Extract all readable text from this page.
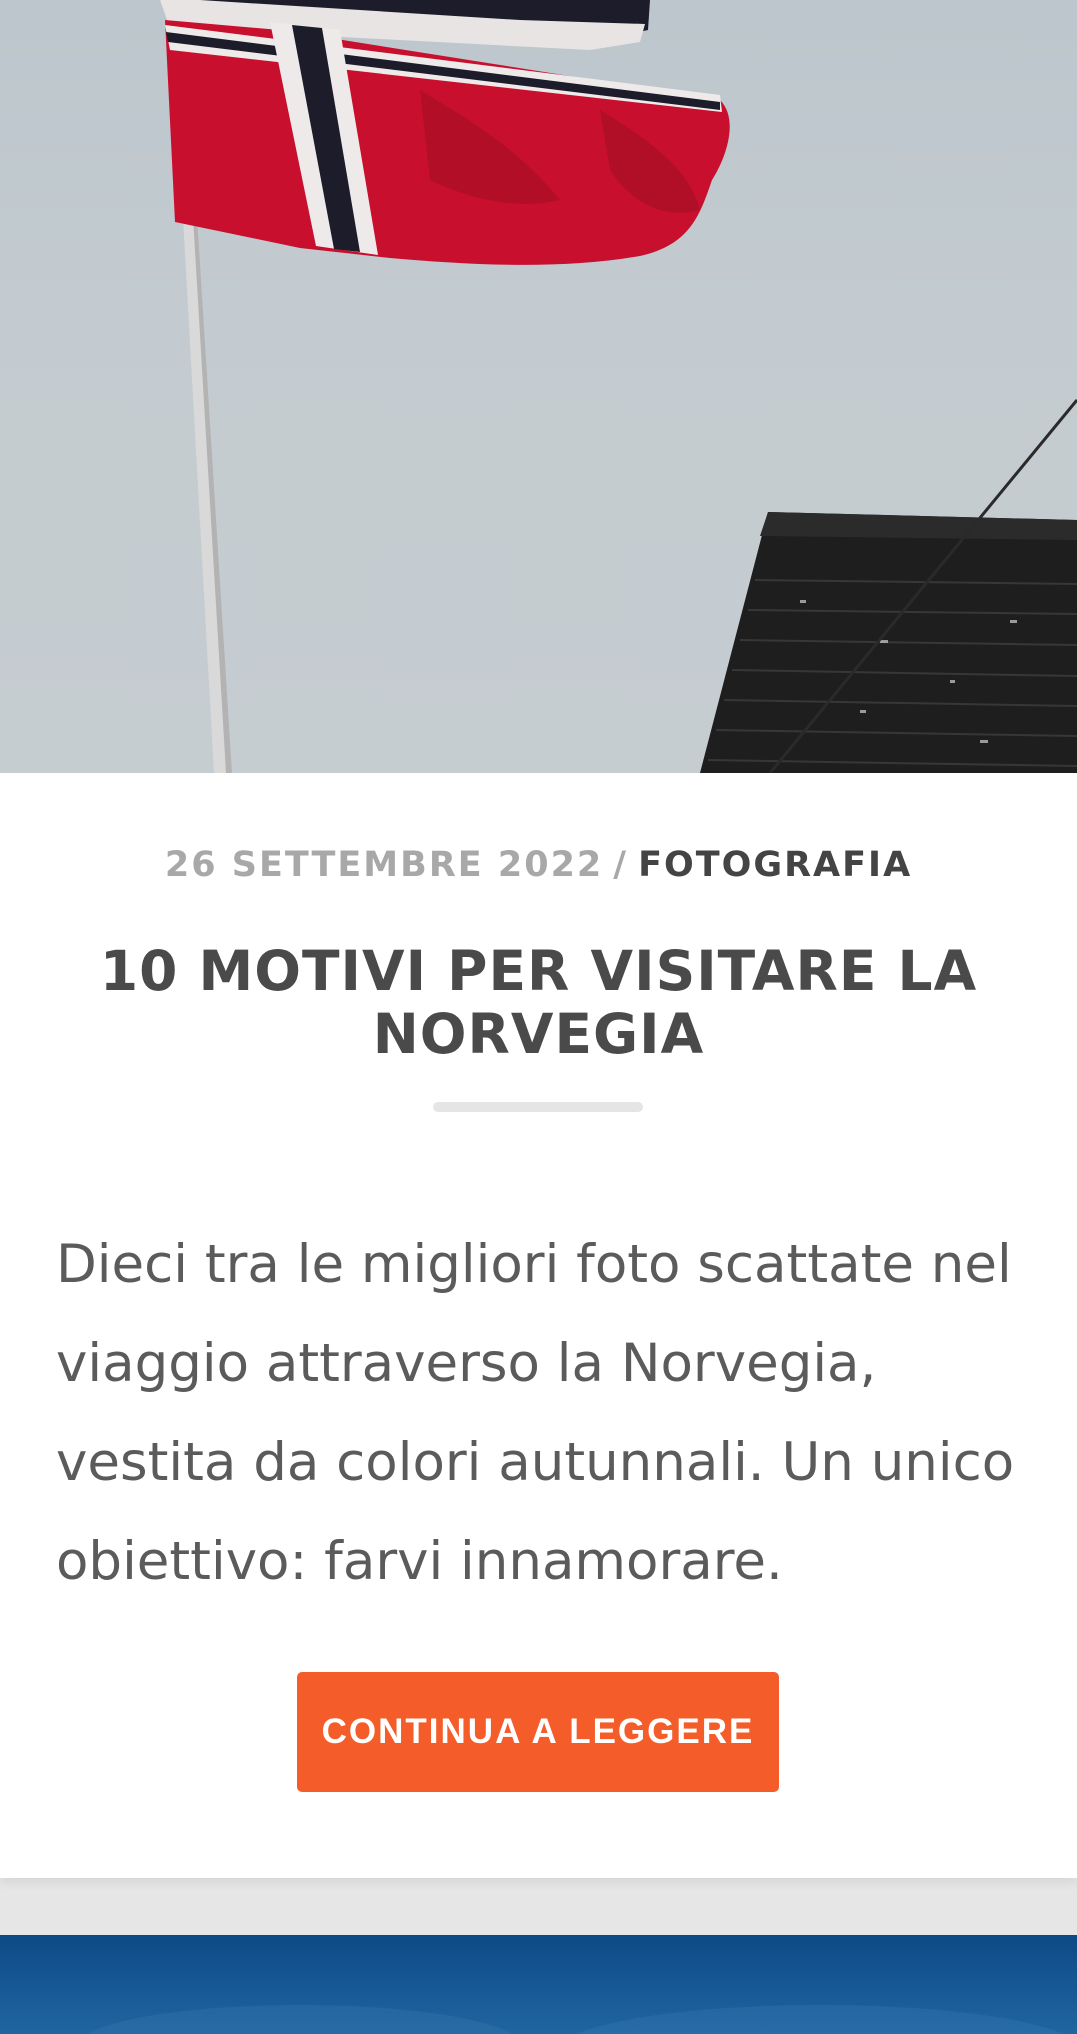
26 SETTEMBRE 2022 / FOTOGRAFIA
10 MOTIVI PER VISITARE LA NORVEGIA

Dieci tra le migliori foto scattate nel viaggio attraverso la Norvegia, vestita da colori autunnali. Un unico obiettivo: farvi innamorare.

CONTINUA A LEGGERE
